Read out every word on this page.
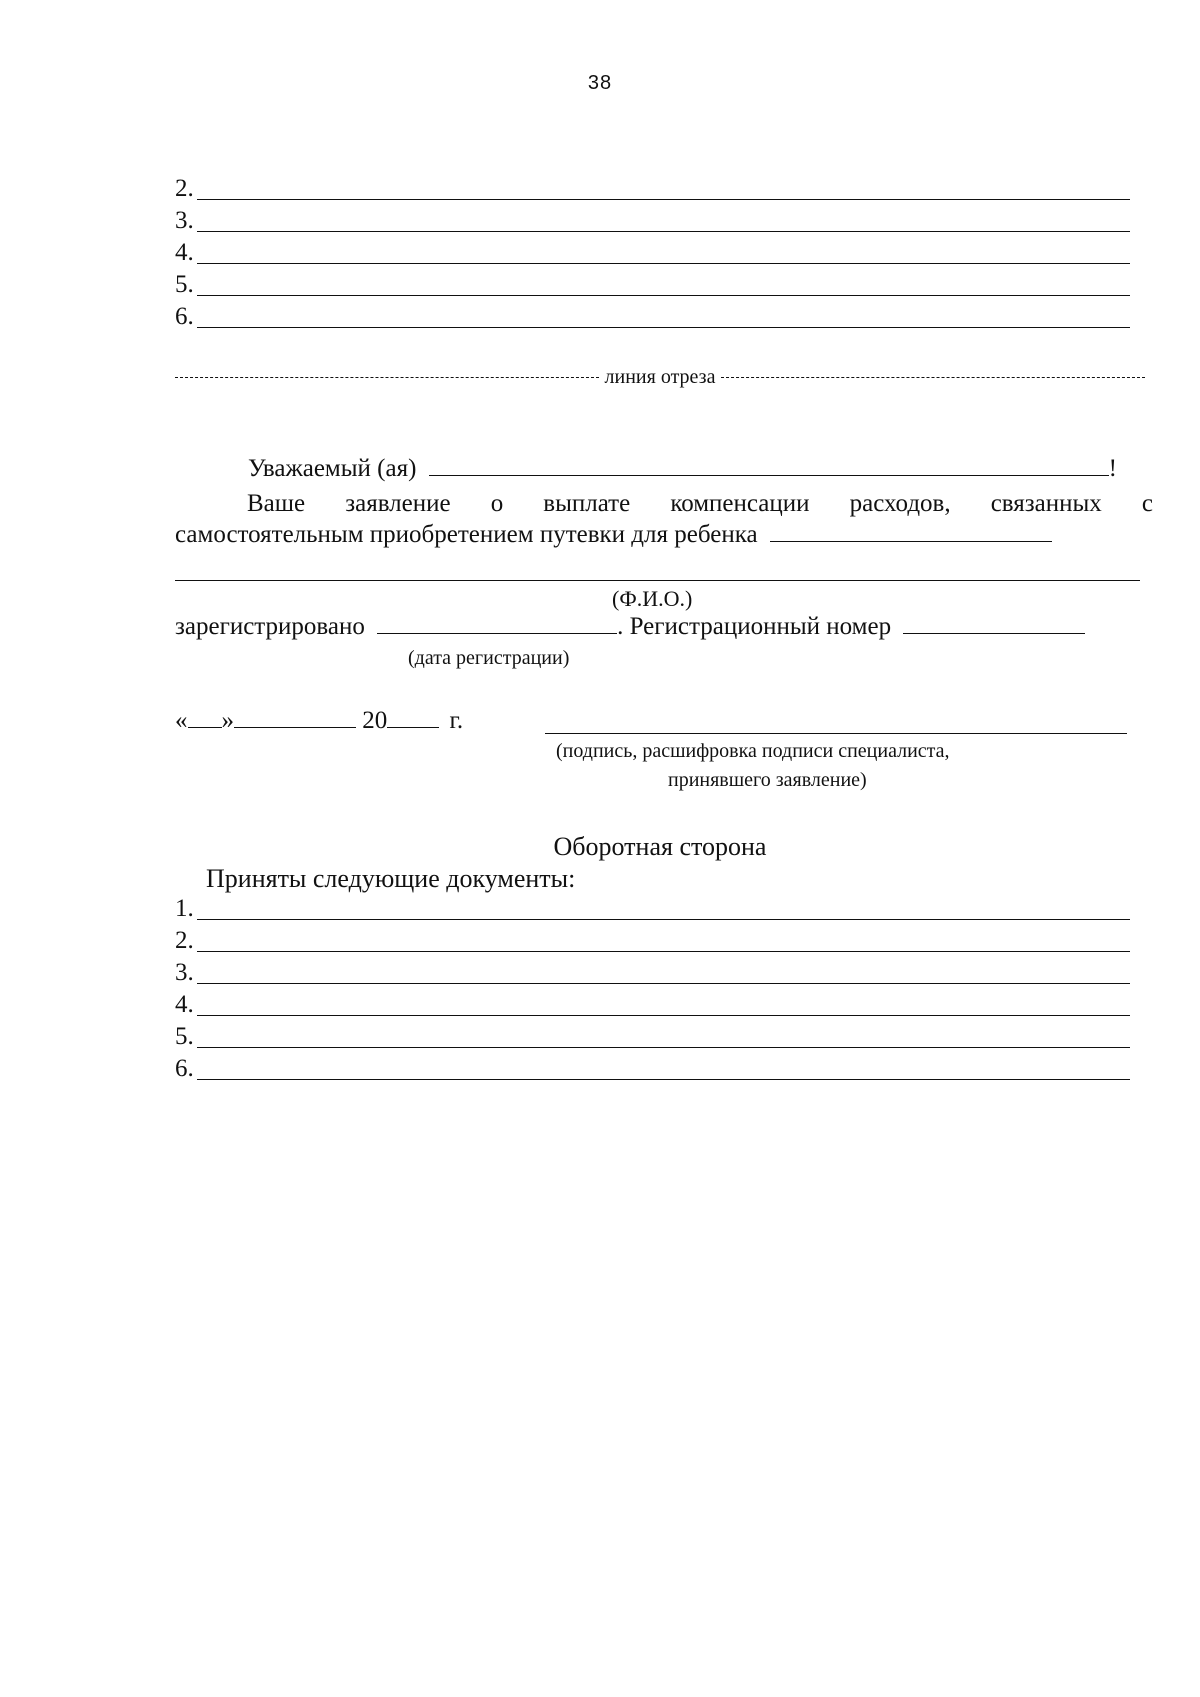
38
2.
3.
4.
5.
6.
линия отреза
Уважаемый (ая)	!
Ваше заявление о выплате компенсации расходов, связанных с
самостоятельным приобретением путевки для ребенка
(Ф.И.О.)
зарегистрировано	. Регистрационный номер
(дата регистрации)
« »	20 г.
(подпись, расшифровка подписи специалиста,
принявшего заявление)
Оборотная сторона
Приняты следующие документы:
1.
2.
3.
4.
5.
6.
